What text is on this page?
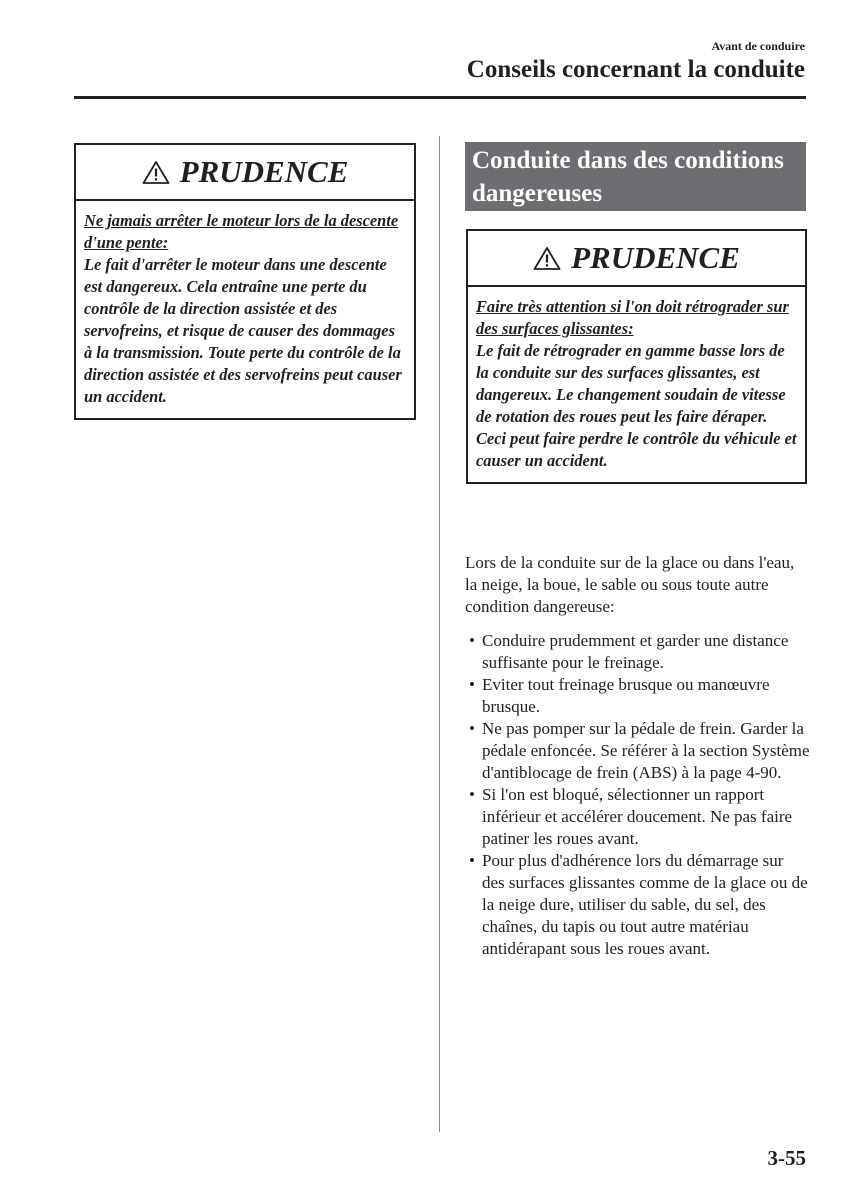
Avant de conduire
Conseils concernant la conduite
PRUDENCE

Ne jamais arrêter le moteur lors de la descente d'une pente:

Le fait d'arrêter le moteur dans une descente est dangereux. Cela entraîne une perte du contrôle de la direction assistée et des servofreins, et risque de causer des dommages à la transmission. Toute perte du contrôle de la direction assistée et des servofreins peut causer un accident.

Conduite dans des conditions dangereuses
PRUDENCE

Faire très attention si l'on doit rétrograder sur des surfaces glissantes:

Le fait de rétrograder en gamme basse lors de la conduite sur des surfaces glissantes, est dangereux. Le changement soudain de vitesse de rotation des roues peut les faire déraper. Ceci peut faire perdre le contrôle du véhicule et causer un accident.

Lors de la conduite sur de la glace ou dans l'eau, la neige, la boue, le sable ou sous toute autre condition dangereuse:

• Conduire prudemment et garder une distance suffisante pour le freinage.
• Eviter tout freinage brusque ou manœuvre brusque.
• Ne pas pomper sur la pédale de frein. Garder la pédale enfoncée. Se référer à la section Système d'antiblocage de frein (ABS) à la page 4-90.
• Si l'on est bloqué, sélectionner un rapport inférieur et accélérer doucement. Ne pas faire patiner les roues avant.
• Pour plus d'adhérence lors du démarrage sur des surfaces glissantes comme de la glace ou de la neige dure, utiliser du sable, du sel, des chaînes, du tapis ou tout autre matériau antidérapant sous les roues avant.
3-55
